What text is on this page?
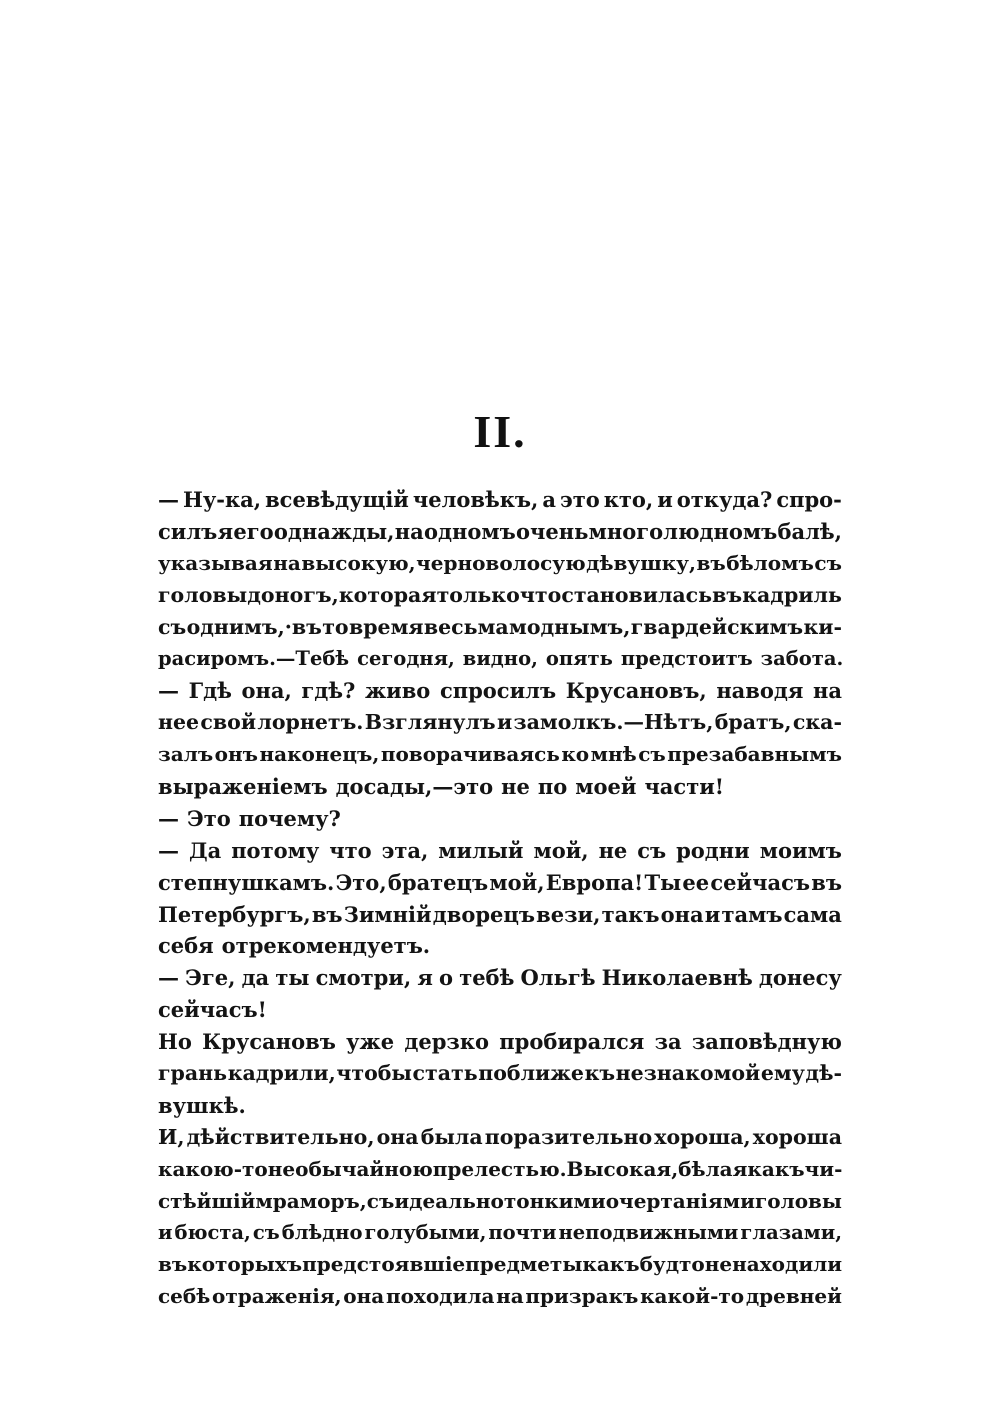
II.
— Ну-ка, всевѣдущій человѣкъ, а это кто, и откуда? спро-
силъ я его однажды, на одномъ очень многолюдномъ балѣ,
указывая на высокую, черноволосую дѣвушку, въ бѣломъ съ
головы до ногъ, которая только что становилась въ кадриль
съ однимъ,·въ то время весьма моднымъ, гвардейскимъ ки-
расиромъ.—Тебѣ сегодня, видно, опять предстоитъ забота.
— Гдѣ она, гдѣ? живо спросилъ Крусановъ, наводя на
нее свой лорнетъ. Взглянулъ и замолкъ.—Нѣтъ, братъ, ска-
залъ онъ наконецъ, поворачиваясь ко мнѣ съ презабавнымъ
выраженіемъ досады,—это не по моей части!
— Это почему?
— Да потому что эта, милый мой, не съ родни моимъ
степнушкамъ. Это, братецъ мой, Европа! Ты ее сейчасъ въ
Петербургъ, въ Зимній дворецъ вези, такъ она и тамъ сама
себя отрекомендуетъ.
— Эге, да ты смотри, я о тебѣ Ольгѣ Николаевнѣ донесу
сейчасъ!
Но Крусановъ уже дерзко пробирался за заповѣдную
грань кадрили, чтобы стать поближе къ незнакомой ему дѣ-
вушкѣ.
И, дѣйствительно, она была поразительно хороша, хороша
какою-то необычайною прелестью. Высокая, бѣлая какъ чи-
стѣйшій мраморъ, съ идеально тонкими очертаніями головы
и бюста, съ блѣдно голубыми, почти неподвижными глазами,
въ которыхъ предстоявшіе предметы какъ будто не находили
себѣ отраженія, она походила на призракъ какой-то древней
